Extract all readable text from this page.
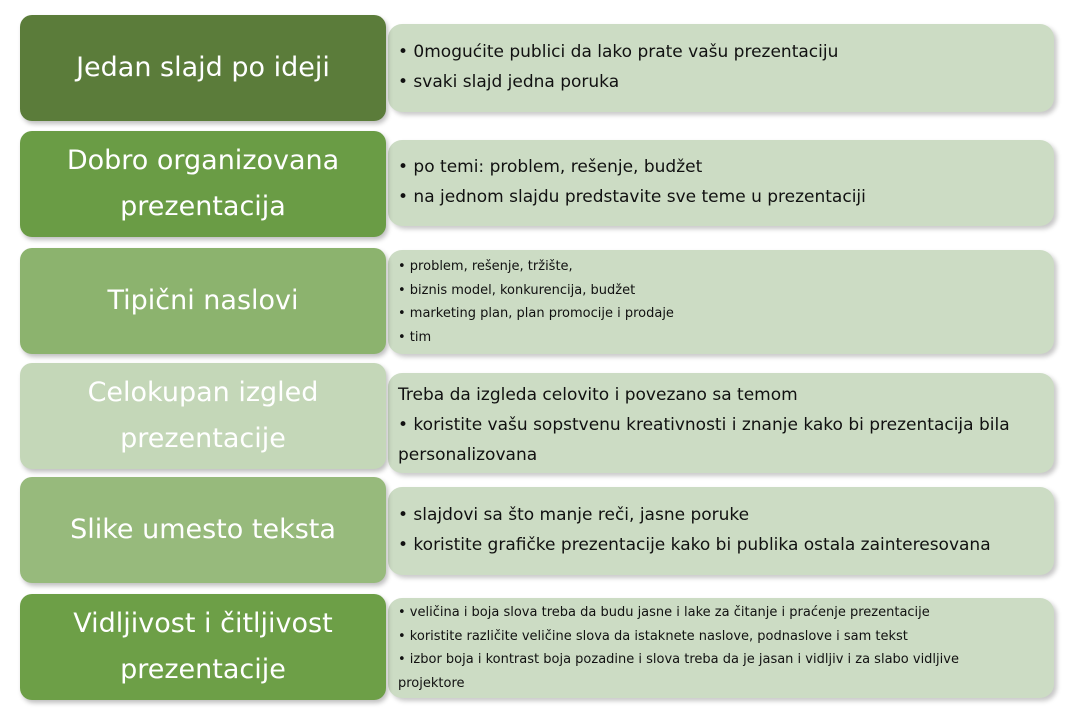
• 0mogućite publici da lako prate vašu prezentaciju

• svaki slajd jedna poruka

Jedan slajd po ideji

• po temi: problem, rešenje, budžet

• na jednom slajdu predstavite sve teme u prezentaciji

Dobro organizovana prezentacija

• problem, rešenje, tržište,

• biznis model, konkurencija, budžet

• marketing plan, plan promocije i prodaje

• tim

Tipični naslovi

Treba da izgleda celovito i povezano sa temom

• koristite vašu sopstvenu kreativnosti i znanje kako bi prezentacija bila

personalizovana

Celokupan izgled prezentacije

• slajdovi sa što manje reči, jasne poruke

• koristite grafičke prezentacije kako bi publika ostala zainteresovana

Slike umesto teksta

• veličina i boja slova treba da budu jasne i lake za čitanje i praćenje prezentacije

• koristite različite veličine slova da istaknete naslove, podnaslove i sam tekst

• izbor boja i kontrast boja pozadine i slova treba da je jasan i vidljiv i za slabo vidljive

projektore

Vidljivost i čitljivost prezentacije
